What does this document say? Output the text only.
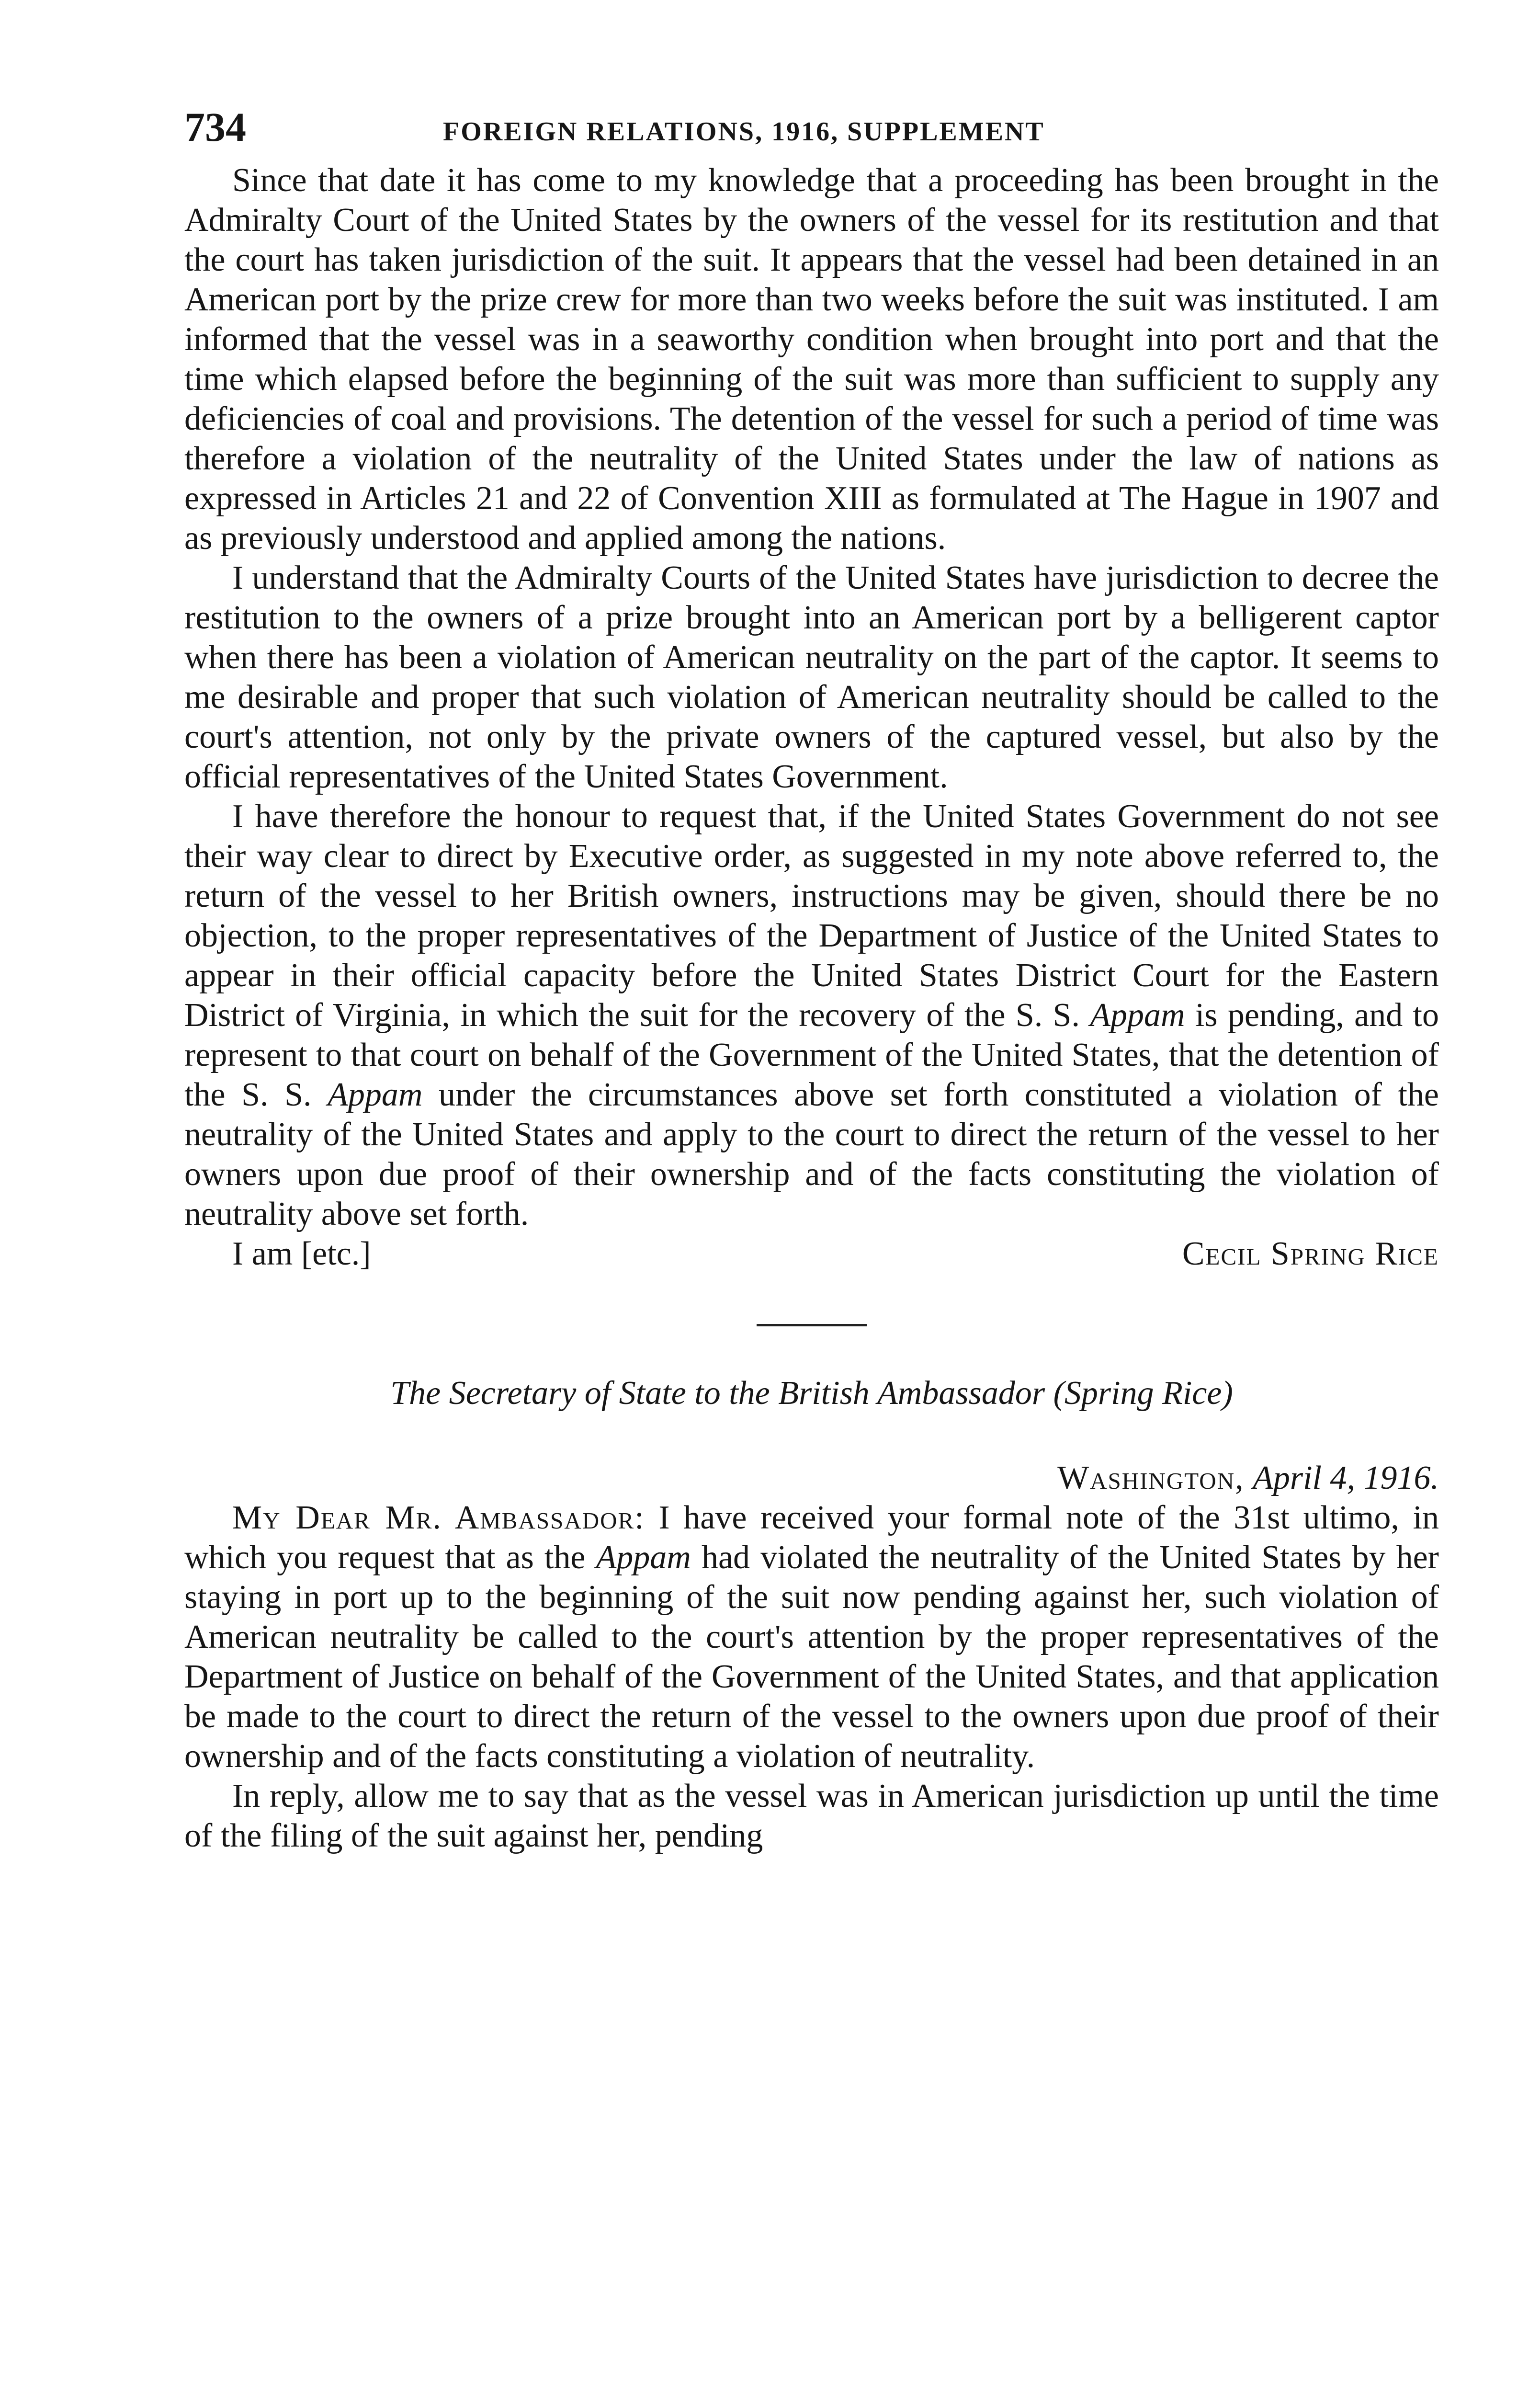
734	FOREIGN RELATIONS, 1916, SUPPLEMENT

Since that date it has come to my knowledge that a proceeding has been brought in the Admiralty Court of the United States by the owners of the vessel for its restitution and that the court has taken jurisdiction of the suit. It appears that the vessel had been detained in an American port by the prize crew for more than two weeks before the suit was instituted. I am informed that the vessel was in a seaworthy condition when brought into port and that the time which elapsed before the beginning of the suit was more than sufficient to supply any deficiencies of coal and provisions. The detention of the vessel for such a period of time was therefore a violation of the neutrality of the United States under the law of nations as expressed in Articles 21 and 22 of Convention XIII as formulated at The Hague in 1907 and as previously understood and applied among the nations.

I understand that the Admiralty Courts of the United States have jurisdiction to decree the restitution to the owners of a prize brought into an American port by a belligerent captor when there has been a violation of American neutrality on the part of the captor. It seems to me desirable and proper that such violation of American neutrality should be called to the court's attention, not only by the private owners of the captured vessel, but also by the official representatives of the United States Government.

I have therefore the honour to request that, if the United States Government do not see their way clear to direct by Executive order, as suggested in my note above referred to, the return of the vessel to her British owners, instructions may be given, should there be no objection, to the proper representatives of the Department of Justice of the United States to appear in their official capacity before the United States District Court for the Eastern District of Virginia, in which the suit for the recovery of the S. S. Appam is pending, and to represent to that court on behalf of the Government of the United States, that the detention of the S. S. Appam under the circumstances above set forth constituted a violation of the neutrality of the United States and apply to the court to direct the return of the vessel to her owners upon due proof of their ownership and of the facts constituting the violation of neutrality above set forth.

I am [etc.]	Cecil Spring Rice
The Secretary of State to the British Ambassador (Spring Rice)
Washington, April 4, 1916.

My Dear Mr. Ambassador: I have received your formal note of the 31st ultimo, in which you request that as the Appam had violated the neutrality of the United States by her staying in port up to the beginning of the suit now pending against her, such violation of American neutrality be called to the court's attention by the proper representatives of the Department of Justice on behalf of the Government of the United States, and that application be made to the court to direct the return of the vessel to the owners upon due proof of their ownership and of the facts constituting a violation of neutrality.

In reply, allow me to say that as the vessel was in American jurisdiction up until the time of the filing of the suit against her, pending
